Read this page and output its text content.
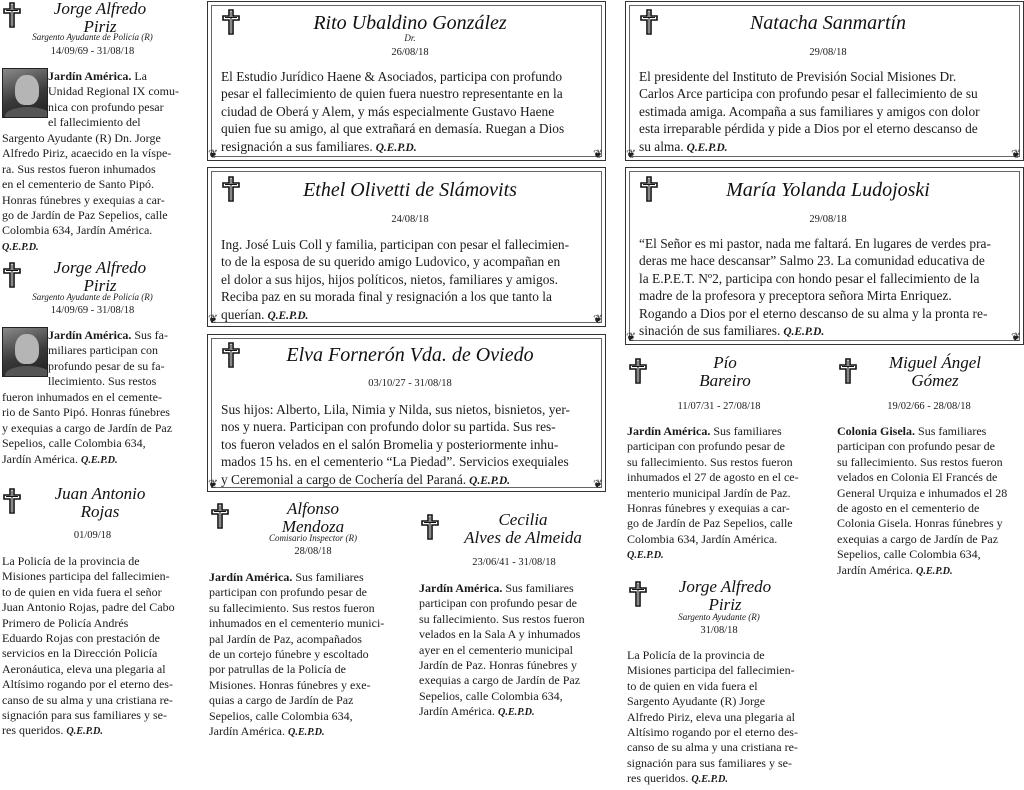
Jorge Alfredo
Piriz
Sargento Ayudante de Policía (R)
14/09/69 - 31/08/18
Jardín América. La
Unidad Regional IX comu-
nica con profundo pesar
el fallecimiento del
Sargento Ayudante (R) Dn. Jorge
Alfredo Piriz, acaecido en la víspe-
ra. Sus restos fueron inhumados
en el cementerio de Santo Pipó.
Honras fúnebres y exequias a car-
go de Jardín de Paz Sepelios, calle
Colombia 634, Jardín América.
Q.E.P.D.
Jorge Alfredo
Piriz
Sargento Ayudante de Policía (R)
14/09/69 - 31/08/18
Jardín América. Sus fa-
miliares participan con
profundo pesar de su fa-
llecimiento. Sus restos
fueron inhumados en el cemente-
rio de Santo Pipó. Honras fúnebres
y exequias a cargo de Jardín de Paz
Sepelios, calle Colombia 634,
Jardín América. Q.E.P.D.
Juan Antonio
Rojas
01/09/18
La Policía de la provincia de
Misiones participa del fallecimien-
to de quien en vida fuera el señor
Juan Antonio Rojas, padre del Cabo
Primero de Policía Andrés
Eduardo Rojas con prestación de
servicios en la Dirección Policía
Aeronáutica, eleva una plegaria al
Altísimo rogando por el eterno des-
canso de su alma y una cristiana re-
signación para sus familiares y se-
res queridos. Q.E.P.D.
❦	❦
Rito Ubaldino González
Dr.
26/08/18
El Estudio Jurídico Haene & Asociados, participa con profundo
pesar el fallecimiento de quien fuera nuestro representante en la
ciudad de Oberá y Alem, y más especialmente Gustavo Haene
quien fue su amigo, al que extrañará en demasía. Ruegan a Dios
resignación a sus familiares. Q.E.P.D.
❦	❦
Ethel Olivetti de Slámovits
24/08/18
Ing. José Luis Coll y familia, participan con pesar el fallecimien-
to de la esposa de su querido amigo Ludovico, y acompañan en
el dolor a sus hijos, hijos políticos, nietos, familiares y amigos.
Reciba paz en su morada final y resignación a los que tanto la
querían. Q.E.P.D.
❦	❦
Elva Fornerón Vda. de Oviedo
03/10/27 - 31/08/18
Sus hijos: Alberto, Lila, Nimia y Nilda, sus nietos, bisnietos, yer-
nos y nuera. Participan con profundo dolor su partida. Sus res-
tos fueron velados en el salón Bromelia y posteriormente inhu-
mados 15 hs. en el cementerio “La Piedad”. Servicios exequiales
y Ceremonial a cargo de Cochería del Paraná. Q.E.P.D.
Alfonso
Mendoza
Comisario Inspector (R)
28/08/18
Jardín América. Sus familiares
participan con profundo pesar de
su fallecimiento. Sus restos fueron
inhumados en el cementerio munici-
pal Jardín de Paz, acompañados
de un cortejo fúnebre y escoltado
por patrullas de la Policía de
Misiones. Honras fúnebres y exe-
quias a cargo de Jardín de Paz
Sepelios, calle Colombia 634,
Jardín América. Q.E.P.D.
Cecilia
Alves de Almeida
23/06/41 - 31/08/18
Jardín América. Sus familiares
participan con profundo pesar de
su fallecimiento. Sus restos fueron
velados en la Sala A y inhumados
ayer en el cementerio municipal
Jardín de Paz. Honras fúnebres y
exequias a cargo de Jardín de Paz
Sepelios, calle Colombia 634,
Jardín América. Q.E.P.D.
❦	❦
Natacha Sanmartín
29/08/18
El presidente del Instituto de Previsión Social Misiones Dr.
Carlos Arce participa con profundo pesar el fallecimiento de su
estimada amiga. Acompaña a sus familiares y amigos con dolor
esta irreparable pérdida y pide a Dios por el eterno descanso de
su alma. Q.E.P.D.
❦	❦
María Yolanda Ludojoski
29/08/18
“El Señor es mi pastor, nada me faltará. En lugares de verdes pra-
deras me hace descansar” Salmo 23. La comunidad educativa de
la E.P.E.T. Nº2, participa con hondo pesar el fallecimiento de la
madre de la profesora y preceptora señora Mirta Enriquez.
Rogando a Dios por el eterno descanso de su alma y la pronta re-
sinación de sus familiares. Q.E.P.D.
Pío
Bareiro
11/07/31 - 27/08/18
Jardín América. Sus familiares
participan con profundo pesar de
su fallecimiento. Sus restos fueron
inhumados el 27 de agosto en el ce-
menterio municipal Jardín de Paz.
Honras fúnebres y exequias a car-
go de Jardín de Paz Sepelios, calle
Colombia 634, Jardín América.
Q.E.P.D.
Miguel Ángel
Gómez
19/02/66 - 28/08/18
Colonia Gisela. Sus familiares
participan con profundo pesar de
su fallecimiento. Sus restos fueron
velados en Colonia El Francés de
General Urquiza e inhumados el 28
de agosto en el cementerio de
Colonia Gisela. Honras fúnebres y
exequias a cargo de Jardín de Paz
Sepelios, calle Colombia 634,
Jardín América. Q.E.P.D.
Jorge Alfredo
Piriz
Sargento Ayudante (R)
31/08/18
La Policía de la provincia de
Misiones participa del fallecimien-
to de quien en vida fuera el
Sargento Ayudante (R) Jorge
Alfredo Piriz, eleva una plegaria al
Altísimo rogando por el eterno des-
canso de su alma y una cristiana re-
signación para sus familiares y se-
res queridos. Q.E.P.D.
